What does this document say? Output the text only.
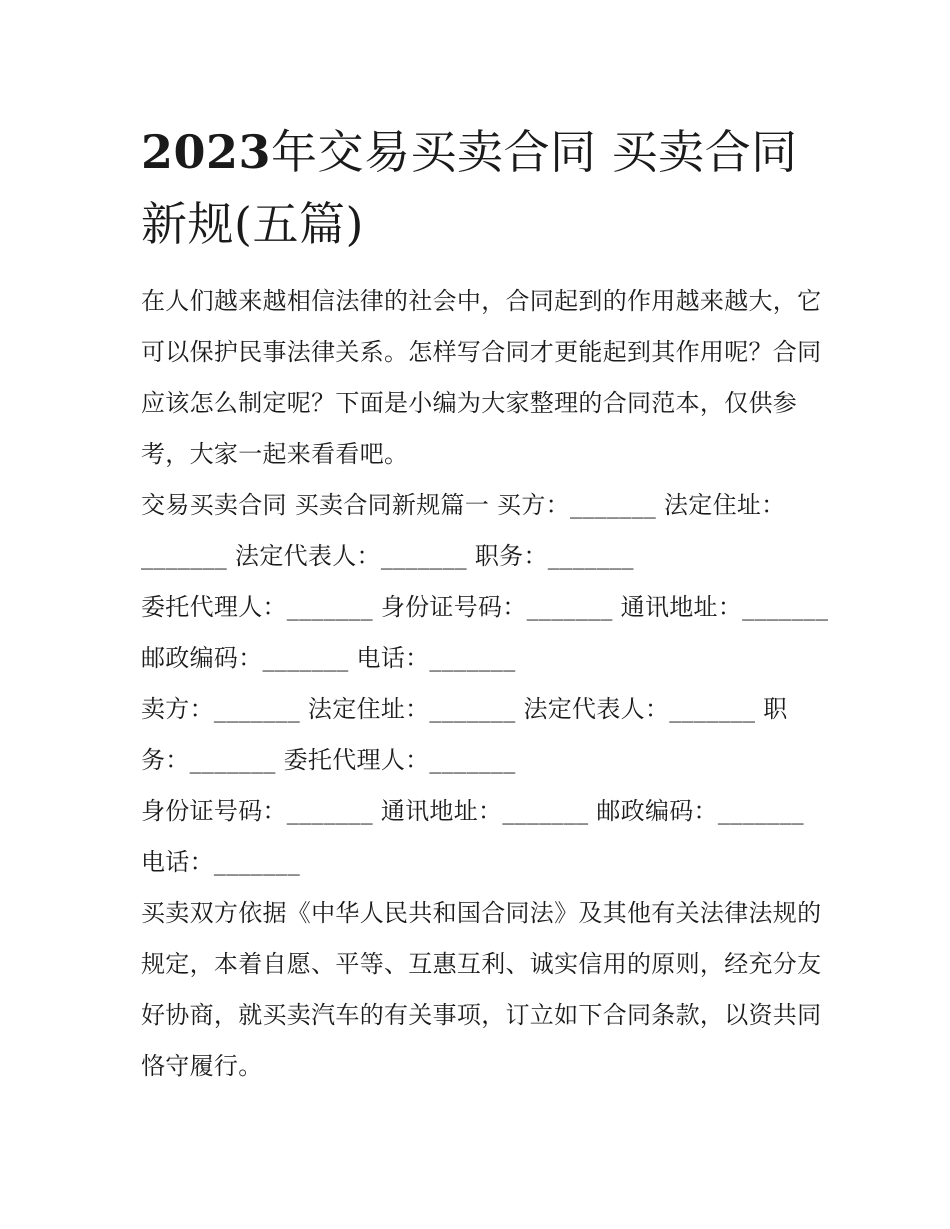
2023年交易买卖合同 买卖合同新规(五篇)

在人们越来越相信法律的社会中，合同起到的作用越来越大，它可以保护民事法律关系。怎样写合同才更能起到其作用呢？合同应该怎么制定呢？下面是小编为大家整理的合同范本，仅供参考，大家一起来看看吧。

交易买卖合同 买卖合同新规篇一 买方：_______ 法定住址：_______ 法定代表人：_______ 职务：_______

委托代理人：_______ 身份证号码：_______ 通讯地址：_______ 邮政编码：_______ 电话：_______

卖方：_______ 法定住址：_______ 法定代表人：_______ 职务：_______ 委托代理人：_______

身份证号码：_______ 通讯地址：_______ 邮政编码：_______ 电话：_______

买卖双方依据《中华人民共和国合同法》及其他有关法律法规的规定，本着自愿、平等、互惠互利、诚实信用的原则，经充分友好协商，就买卖汽车的有关事项，订立如下合同条款，以资共同恪守履行。
